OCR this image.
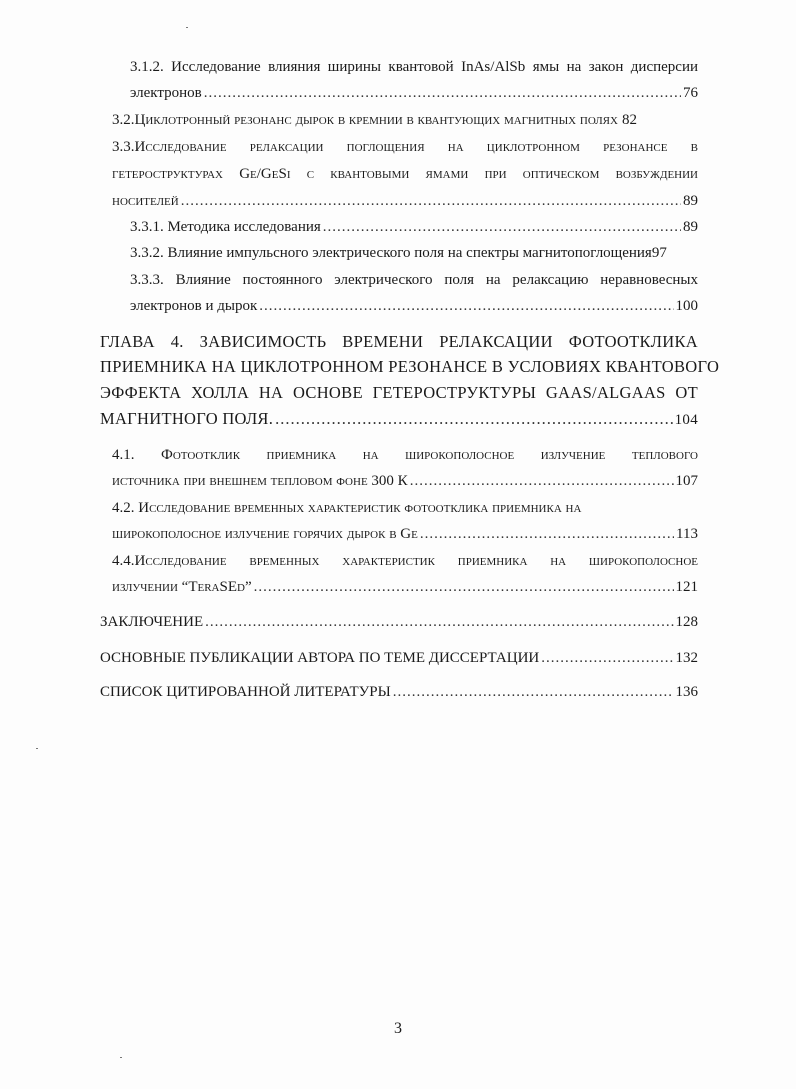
3.1.2. Исследование влияния ширины квантовой InAs/AlSb ямы на закон дисперсии
электронов .....	76
3.2.Циклотронный резонанс дырок в кремнии в квантующих магнитных полях 82
3.3.Исследование релаксации поглощения на циклотронном резонансе в
гетероструктурах Ge/GeSi с квантовыми ямами при оптическом возбуждении
носителей .....	89
3.3.1. Методика исследования .....	89
3.3.2. Влияние импульсного электрического поля на спектры магнитопоглощения 97
3.3.3. Влияние постоянного электрического поля на релаксацию неравновесных
электронов и дырок .....	100
ГЛАВА 4. ЗАВИСИМОСТЬ ВРЕМЕНИ РЕЛАКСАЦИИ ФОТООТКЛИКА
ПРИЕМНИКА НА ЦИКЛОТРОННОМ РЕЗОНАНСЕ В УСЛОВИЯХ КВАНТОВОГО
ЭФФЕКТА ХОЛЛА НА ОСНОВЕ ГЕТЕРОСТРУКТУРЫ GAAS/ALGAAS ОТ
МАГНИТНОГО ПОЛЯ. .....	104
4.1. Фотоотклик приемника на широкополосное излучение теплового
источника при внешнем тепловом фоне 300 К .....	107
4.2. Исследование временных характеристик фотоотклика приемника на
широкополосное излучение горячих дырок в Ge .....	113
4.4.Исследование временных характеристик приемника на широкополосное
излучении “TeraSEd” .....	121
ЗАКЛЮЧЕНИЕ .....	128
ОСНОВНЫЕ ПУБЛИКАЦИИ АВТОРА ПО ТЕМЕ ДИССЕРТАЦИИ .....	132
СПИСОК ЦИТИРОВАННОЙ ЛИТЕРАТУРЫ .....	136
3
